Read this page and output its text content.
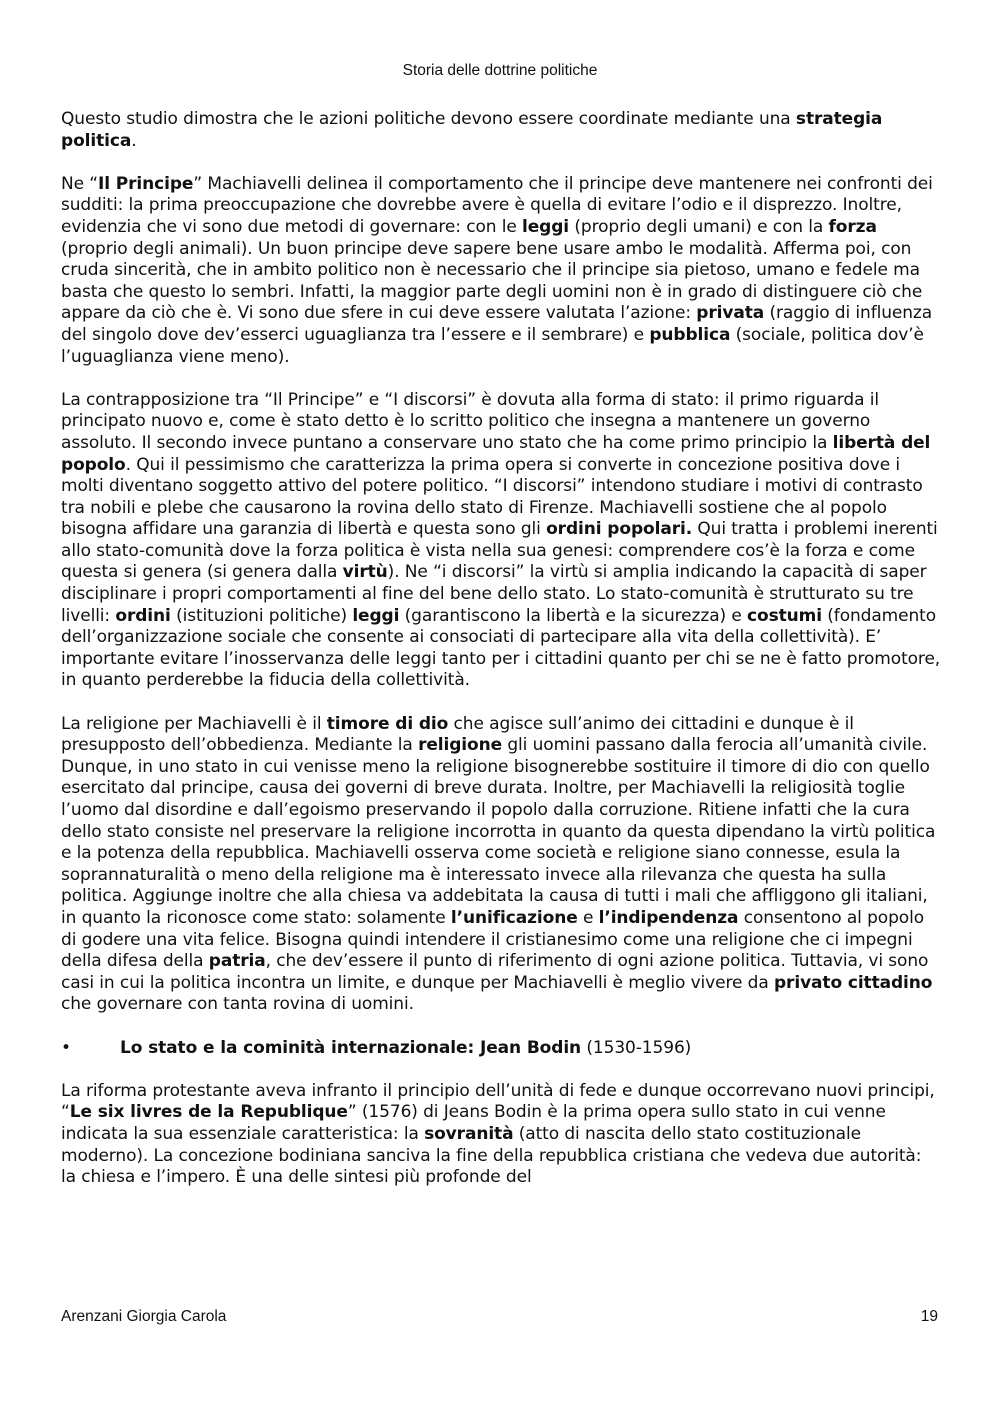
Storia delle dottrine politiche

Questo studio dimostra che le azioni politiche devono essere coordinate mediante una strategia politica.

Ne “Il Principe” Machiavelli delinea il comportamento che il principe deve mantenere nei confronti dei sudditi: la prima preoccupazione che dovrebbe avere è quella di evitare l’odio e il disprezzo. Inoltre, evidenzia che vi sono due metodi di governare: con le leggi (proprio degli umani) e con la forza (proprio degli animali). Un buon principe deve sapere bene usare ambo le modalità. Afferma poi, con cruda sincerità, che in ambito politico non è necessario che il principe sia pietoso, umano e fedele ma basta che questo lo sembri. Infatti, la maggior parte degli uomini non è in grado di distinguere ciò che appare da ciò che è. Vi sono due sfere in cui deve essere valutata l’azione: privata (raggio di influenza del singolo dove dev’esserci uguaglianza tra l’essere e il sembrare) e pubblica (sociale, politica dov’è l’uguaglianza viene meno).

La contrapposizione tra “Il Principe” e “I discorsi” è dovuta alla forma di stato: il primo riguarda il principato nuovo e, come è stato detto è lo scritto politico che insegna a mantenere un governo assoluto. Il secondo invece puntano a conservare uno stato che ha come primo principio la libertà del popolo. Qui il pessimismo che caratterizza la prima opera si converte in concezione positiva dove i molti diventano soggetto attivo del potere politico. “I discorsi” intendono studiare i motivi di contrasto tra nobili e plebe che causarono la rovina dello stato di Firenze. Machiavelli sostiene che al popolo bisogna affidare una garanzia di libertà e questa sono gli ordini popolari. Qui tratta i problemi inerenti allo stato-comunità dove la forza politica è vista nella sua genesi: comprendere cos’è la forza e come questa si genera (si genera dalla virtù). Ne “i discorsi” la virtù si amplia indicando la capacità di saper disciplinare i propri comportamenti al fine del bene dello stato. Lo stato-comunità è strutturato su tre livelli: ordini (istituzioni politiche) leggi (garantiscono la libertà e la sicurezza) e costumi (fondamento dell’organizzazione sociale che consente ai consociati di partecipare alla vita della collettività). E’ importante evitare l’inosservanza delle leggi tanto per i cittadini quanto per chi se ne è fatto promotore, in quanto perderebbe la fiducia della collettività.

La religione per Machiavelli è il timore di dio che agisce sull’animo dei cittadini e dunque è il presupposto dell’obbedienza. Mediante la religione gli uomini passano dalla ferocia all’umanità civile. Dunque, in uno stato in cui venisse meno la religione bisognerebbe sostituire il timore di dio con quello esercitato dal principe, causa dei governi di breve durata. Inoltre, per Machiavelli la religiosità toglie l’uomo dal disordine e dall’egoismo preservando il popolo dalla corruzione. Ritiene infatti che la cura dello stato consiste nel preservare la religione incorrotta in quanto da questa dipendano la virtù politica e la potenza della repubblica. Machiavelli osserva come società e religione siano connesse, esula la soprannaturalità o meno della religione ma è interessato invece alla rilevanza che questa ha sulla politica. Aggiunge inoltre che alla chiesa va addebitata la causa di tutti i mali che affliggono gli italiani, in quanto la riconosce come stato: solamente l’unificazione e l’indipendenza consentono al popolo di godere una vita felice. Bisogna quindi intendere il cristianesimo come una religione che ci impegni della difesa della patria, che dev’essere il punto di riferimento di ogni azione politica. Tuttavia, vi sono casi in cui la politica incontra un limite, e dunque per Machiavelli è meglio vivere da privato cittadino che governare con tanta rovina di uomini.

•	Lo stato e la cominità internazionale: Jean Bodin (1530-1596)

La riforma protestante aveva infranto il principio dell’unità di fede e dunque occorrevano nuovi principi, “Le six livres de la Republique” (1576) di Jeans Bodin è la prima opera sullo stato in cui venne indicata la sua essenziale caratteristica: la sovranità (atto di nascita dello stato costituzionale moderno). La concezione bodiniana sanciva la fine della repubblica cristiana che vedeva due autorità: la chiesa e l’impero. È una delle sintesi più profonde del

Arenzani Giorgia Carola	19
